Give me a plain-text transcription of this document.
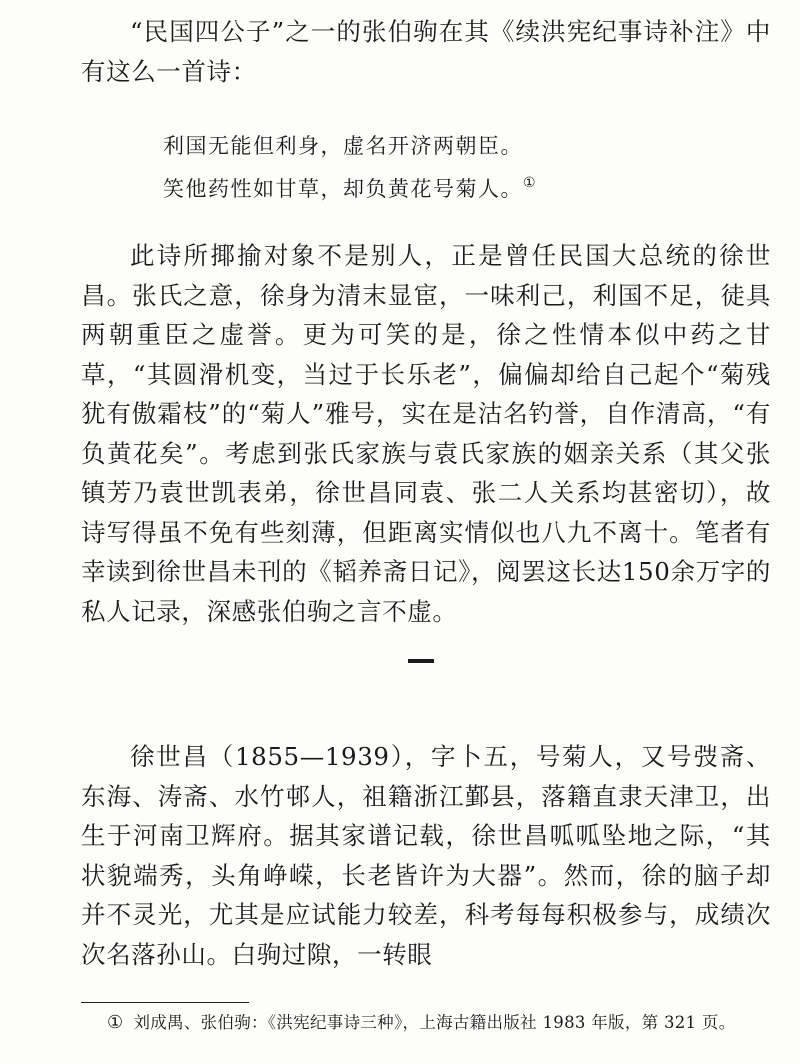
“民国四公子”之一的张伯驹在其《续洪宪纪事诗补注》中有这么一首诗：

利国无能但利身，虚名开济两朝臣。

笑他药性如甘草，却负黄花号菊人。①

此诗所揶揄对象不是别人，正是曾任民国大总统的徐世昌。张氏之意，徐身为清末显宦，一味利己，利国不足，徒具两朝重臣之虚誉。更为可笑的是，徐之性情本似中药之甘草，“其圆滑机变，当过于长乐老”，偏偏却给自己起个“菊残犹有傲霜枝”的“菊人”雅号，实在是沽名钓誉，自作清高，“有负黄花矣”。考虑到张氏家族与袁氏家族的姻亲关系（其父张镇芳乃袁世凯表弟，徐世昌同袁、张二人关系均甚密切），故诗写得虽不免有些刻薄，但距离实情似也八九不离十。笔者有幸读到徐世昌未刊的《韬养斋日记》，阅罢这长达150余万字的私人记录，深感张伯驹之言不虚。

徐世昌（1855—1939），字卜五，号菊人，又号弢斋、东海、涛斋、水竹邨人，祖籍浙江鄞县，落籍直隶天津卫，出生于河南卫辉府。据其家谱记载，徐世昌呱呱坠地之际，“其状貌端秀，头角峥嵘，长老皆许为大器”。然而，徐的脑子却并不灵光，尤其是应试能力较差，科考每每积极参与，成绩次次名落孙山。白驹过隙，一转眼

① 刘成禺、张伯驹：《洪宪纪事诗三种》，上海古籍出版社 1983 年版，第 321 页。
